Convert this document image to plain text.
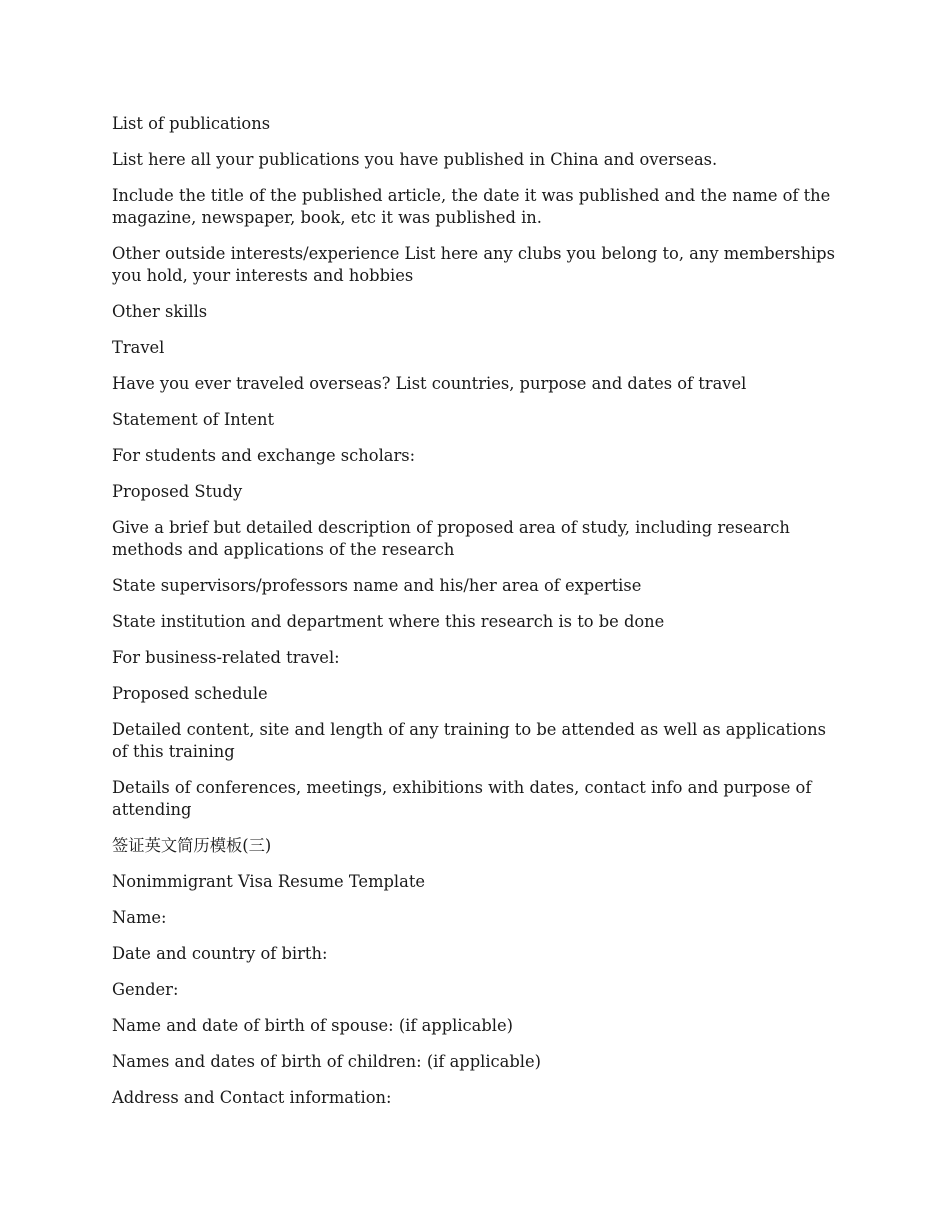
List of publications

List here all your publications you have published in China and overseas.

Include the title of the published article, the date it was published and the name of the magazine, newspaper, book, etc it was published in.

Other outside interests/experience List here any clubs you belong to, any memberships you hold, your interests and hobbies

Other skills

Travel

Have you ever traveled overseas? List countries, purpose and dates of travel

Statement of Intent

For students and exchange scholars:

Proposed Study

Give a brief but detailed description of proposed area of study, including research methods and applications of the research

State supervisors/professors name and his/her area of expertise

State institution and department where this research is to be done

For business-related travel:

Proposed schedule

Detailed content, site and length of any training to be attended as well as applications of this training

Details of conferences, meetings, exhibitions with dates, contact info and purpose of attending

签证英文简历模板(三)

Nonimmigrant Visa Resume Template

Name:

Date and country of birth:

Gender:

Name and date of birth of spouse: (if applicable)

Names and dates of birth of children: (if applicable)

Address and Contact information:
